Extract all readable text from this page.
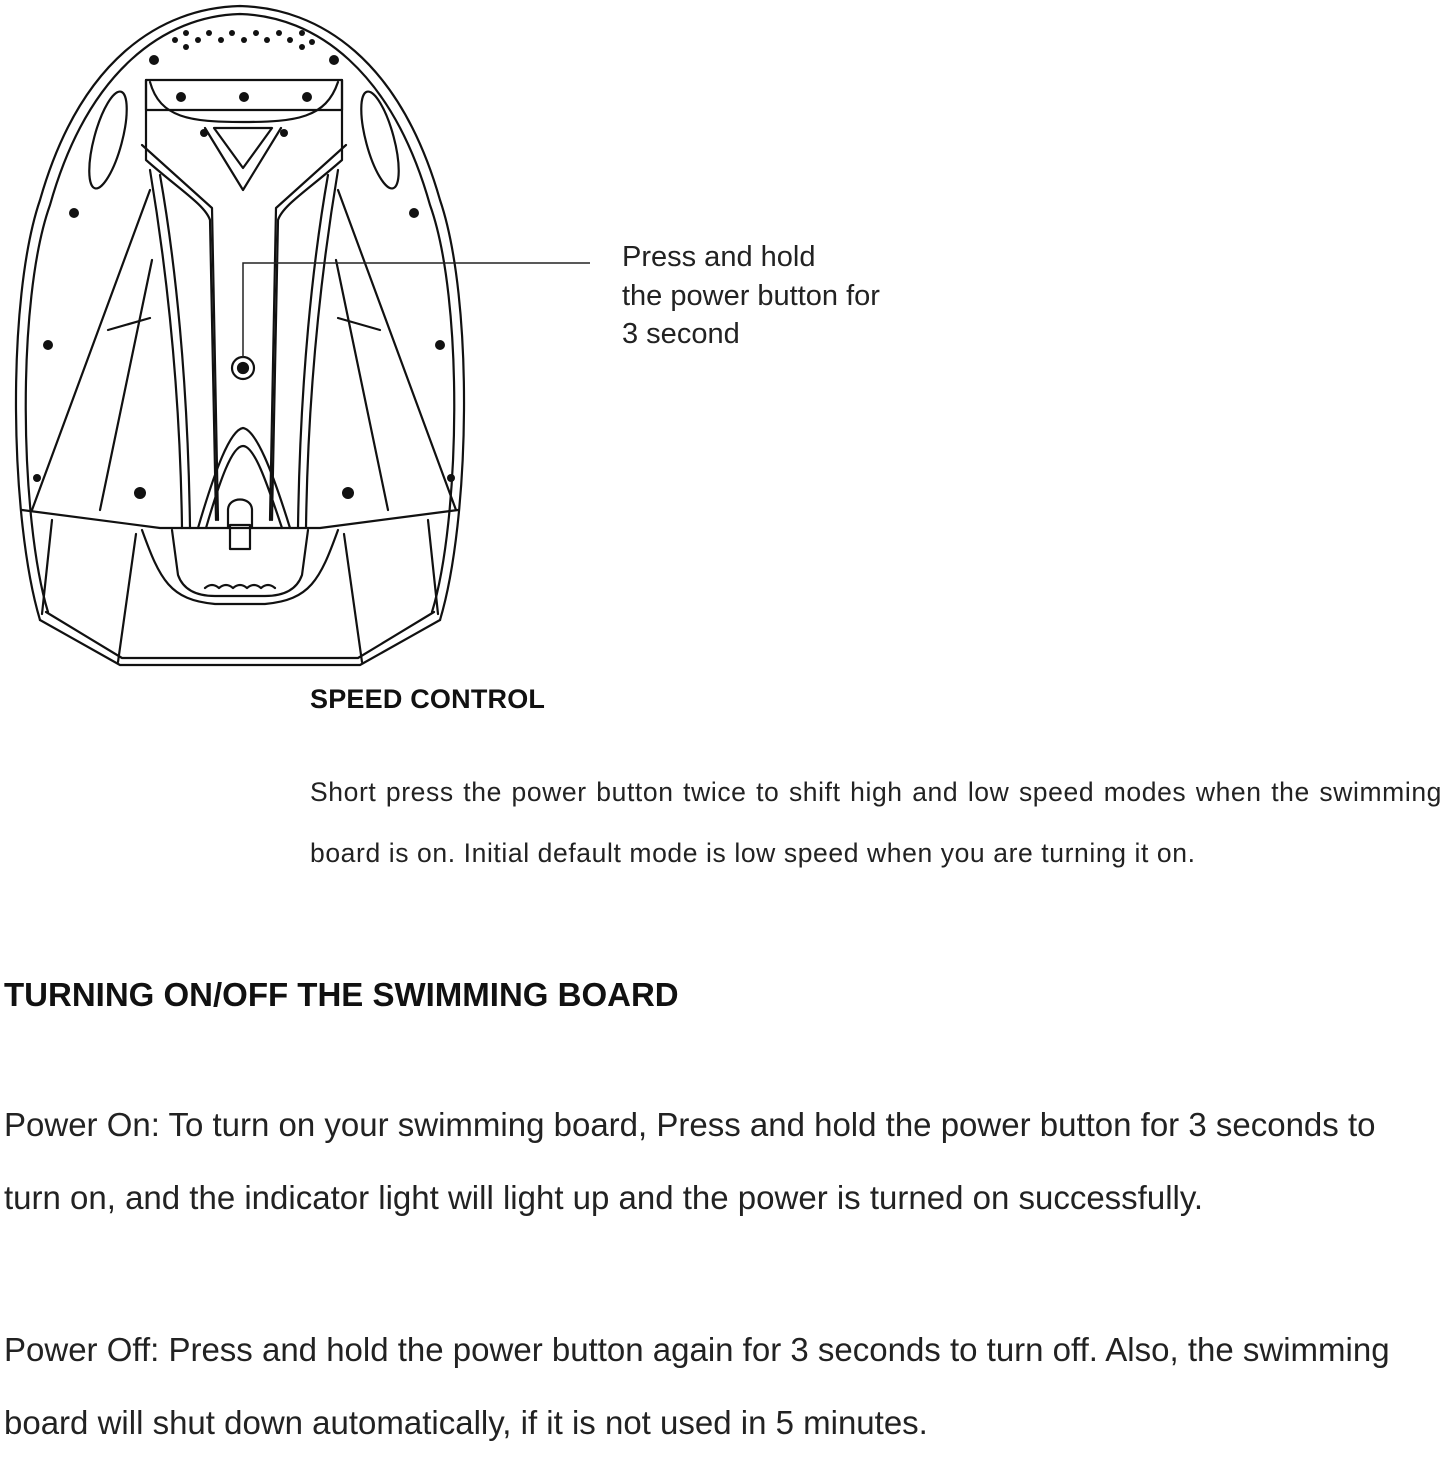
Press and hold
the power button for
3 second
SPEED CONTROL
Short press the power button twice to shift high and low speed modes when the swimming board is on. Initial default mode is low speed when you are turning it on.
TURNING ON/OFF THE SWIMMING BOARD
Power On: To turn on your swimming board, Press and hold the power button for 3 seconds to turn on, and the indicator light will light up and the power is turned on successfully.
Power Off: Press and hold the power button again for 3 seconds to turn off. Also, the swimming board will shut down automatically, if it is not used in 5 minutes.
